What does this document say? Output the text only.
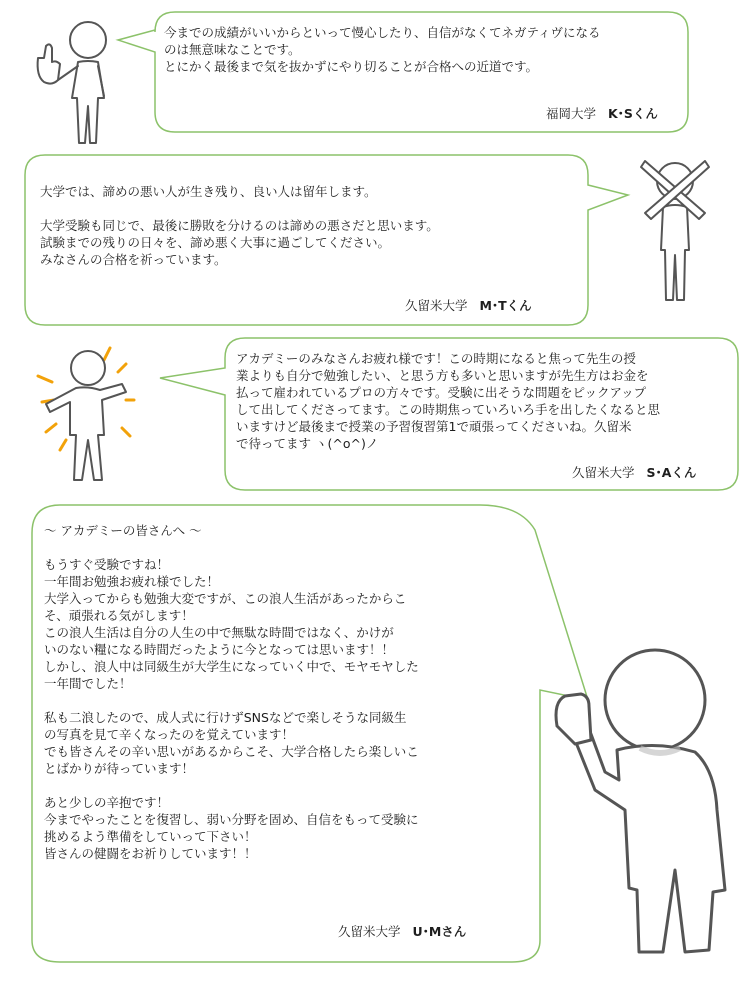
今までの成績がいいからといって慢心したり、自信がなくてネガティヴになる
のは無意味なことです。
とにかく最後まで気を抜かずにやり切ることが合格への近道です。
福岡大学 K･Sくん
大学では、諦めの悪い人が生き残り、良い人は留年します。

大学受験も同じで、最後に勝敗を分けるのは諦めの悪さだと思います。
試験までの残りの日々を、諦め悪く大事に過ごしてください。
みなさんの合格を祈っています。
久留米大学 M･Tくん
アカデミーのみなさんお疲れ様です！この時期になると焦って先生の授
業よりも自分で勉強したい、と思う方も多いと思いますが先生方はお金を
払って雇われているプロの方々です。受験に出そうな問題をピックアップ
して出してくださってます。この時期焦っていろいろ手を出したくなると思
いますけど最後まで授業の予習復習第1で頑張ってくださいね。久留米
で待ってます ヽ(^o^)ノ
久留米大学 S･Aくん
～ アカデミーの皆さんへ ～

もうすぐ受験ですね！
一年間お勉強お疲れ様でした！
大学入ってからも勉強大変ですが、この浪人生活があったからこ
そ、頑張れる気がします！
この浪人生活は自分の人生の中で無駄な時間ではなく、かけが
いのない糧になる時間だったように今となっては思います！！
しかし、浪人中は同級生が大学生になっていく中で、モヤモヤした
一年間でした！

私も二浪したので、成人式に行けずSNSなどで楽しそうな同級生
の写真を見て辛くなったのを覚えています！
でも皆さんその辛い思いがあるからこそ、大学合格したら楽しいこ
とばかりが待っています！

あと少しの辛抱です！
今までやったことを復習し、弱い分野を固め、自信をもって受験に
挑めるよう準備をしていって下さい！
皆さんの健闘をお祈りしています！！
久留米大学 U･Mさん
